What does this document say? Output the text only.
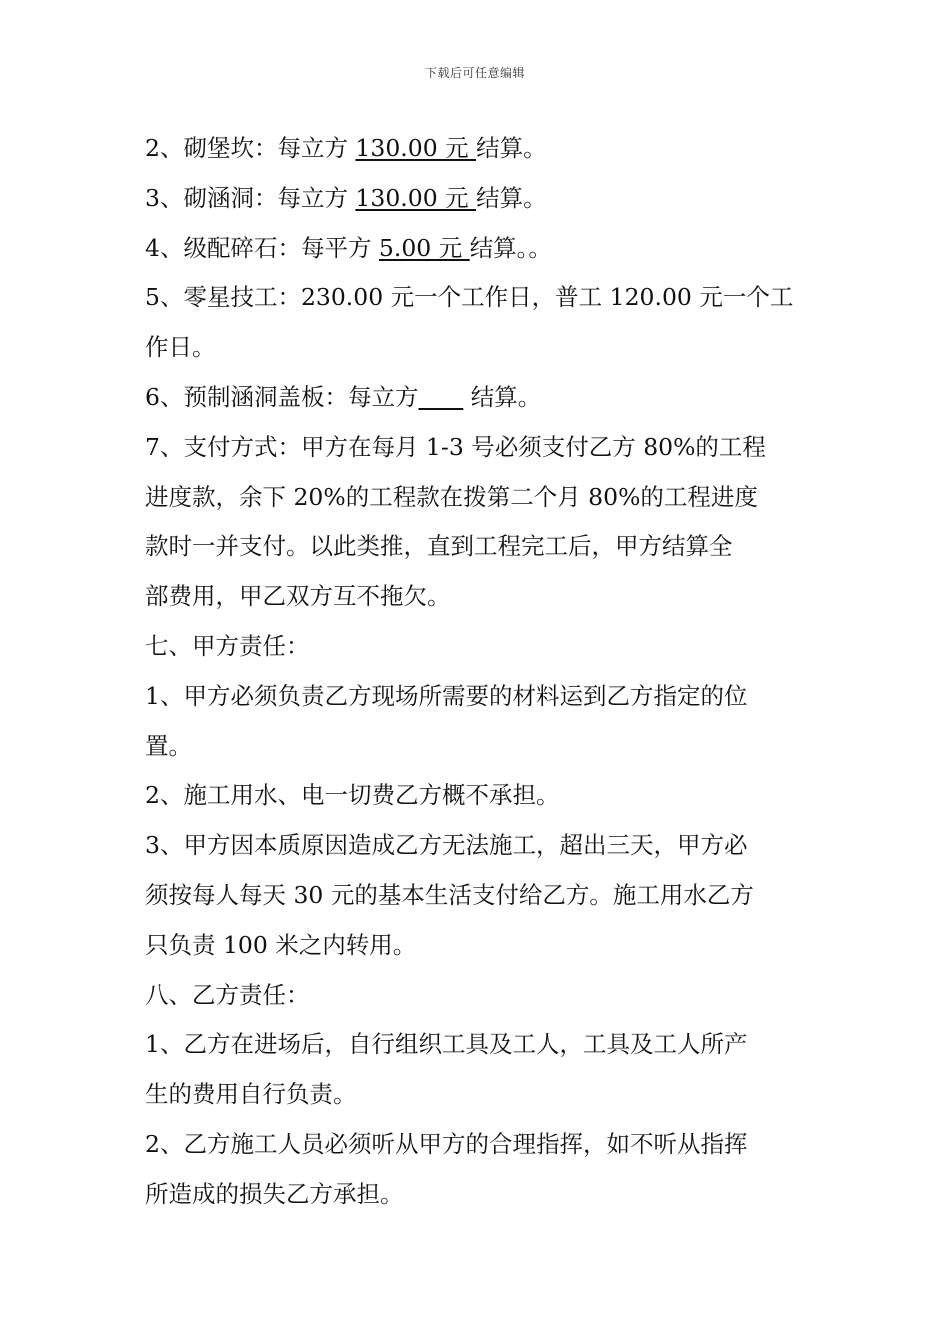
下载后可任意编辑
2、砌堡坎：每立方 130.00 元 结算。
3、砌涵洞：每立方 130.00 元 结算。
4、级配碎石：每平方 5.00 元 结算。。
5、零星技工：230.00 元一个工作日，普工 120.00 元一个工
作日。
6、预制涵洞盖板：每立方       结算。
7、支付方式：甲方在每月 1-3 号必须支付乙方 80%的工程
进度款，余下 20%的工程款在拨第二个月 80%的工程进度
款时一并支付。以此类推，直到工程完工后，甲方结算全
部费用，甲乙双方互不拖欠。
七、甲方责任：
1、甲方必须负责乙方现场所需要的材料运到乙方指定的位
置。
2、施工用水、电一切费乙方概不承担。
3、甲方因本质原因造成乙方无法施工，超出三天，甲方必
须按每人每天 30 元的基本生活支付给乙方。施工用水乙方
只负责 100 米之内转用。
八、乙方责任：
1、乙方在进场后，自行组织工具及工人，工具及工人所产
生的费用自行负责。
2、乙方施工人员必须听从甲方的合理指挥，如不听从指挥
所造成的损失乙方承担。
